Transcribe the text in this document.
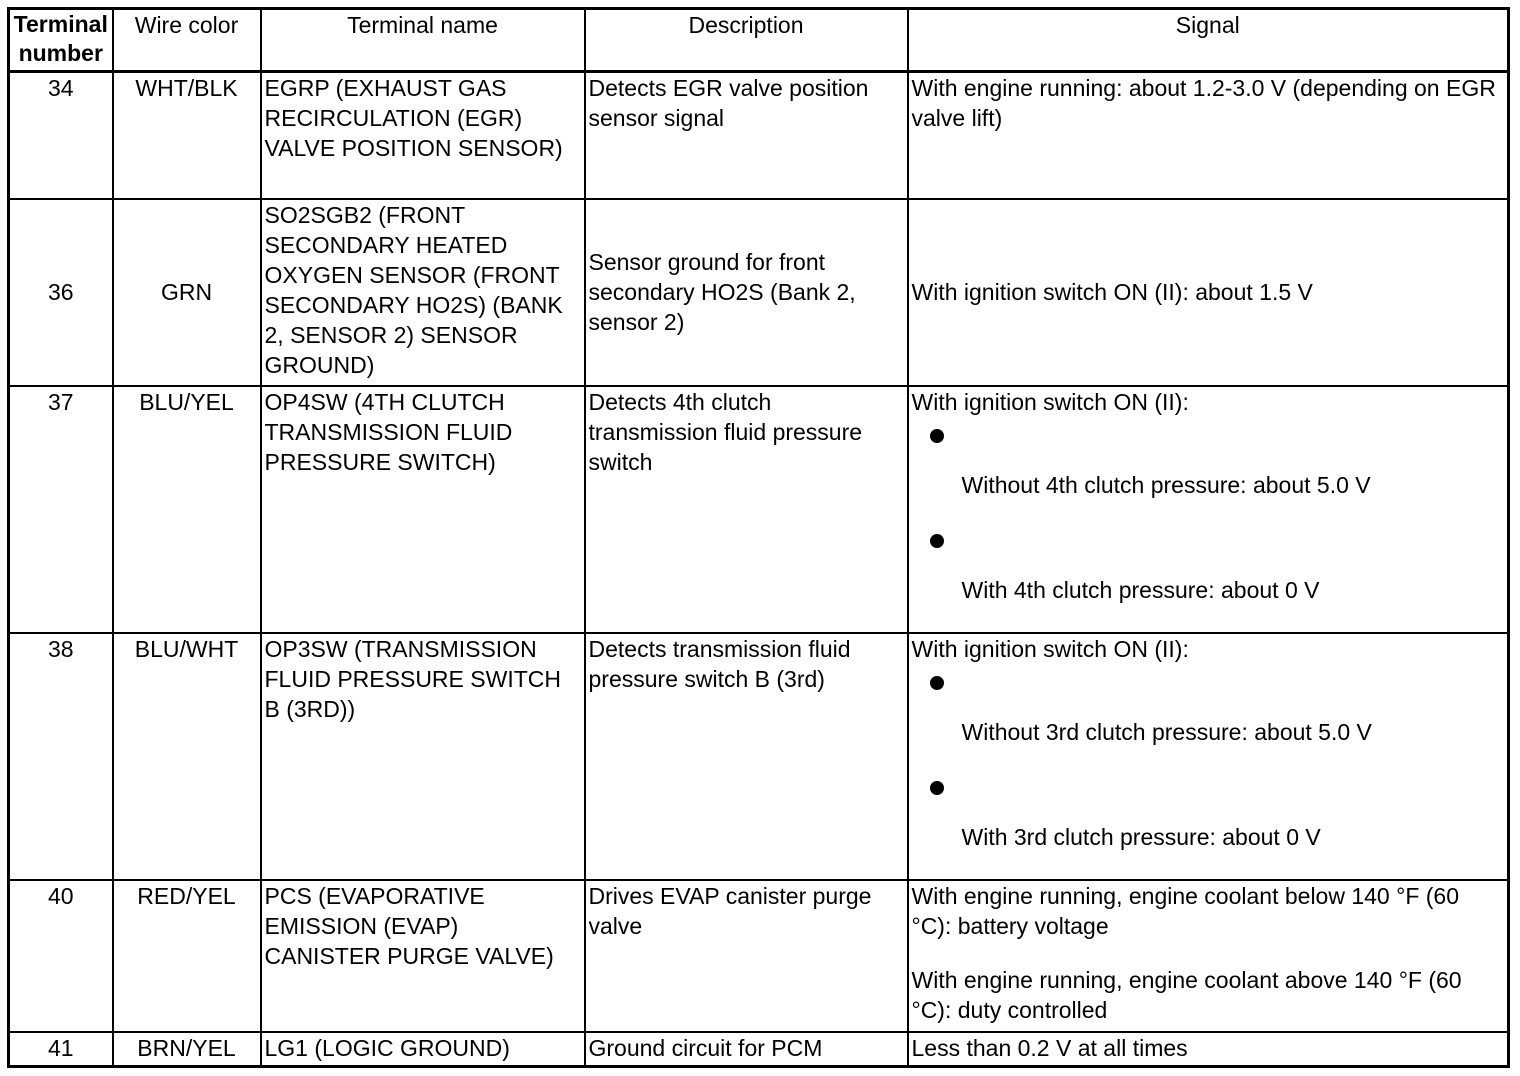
Terminal number	Wire color	Terminal name	Description	Signal
34	WHT/BLK	EGRP (EXHAUST GAS RECIRCULATION (EGR) VALVE POSITION SENSOR)	Detects EGR valve position sensor signal	With engine running: about 1.2-3.0 V (depending on EGR valve lift)
36	GRN	SO2SGB2 (FRONT SECONDARY HEATED OXYGEN SENSOR (FRONT SECONDARY HO2S) (BANK 2, SENSOR 2) SENSOR GROUND)	Sensor ground for front secondary HO2S (Bank 2, sensor 2)	With ignition switch ON (II): about 1.5 V
37	BLU/YEL	OP4SW (4TH CLUTCH TRANSMISSION FLUID PRESSURE SWITCH)	Detects 4th clutch transmission fluid pressure switch	With ignition switch ON (II):
Without 4th clutch pressure: about 5.0 V
With 4th clutch pressure: about 0 V

38	BLU/WHT	OP3SW (TRANSMISSION FLUID PRESSURE SWITCH B (3RD))	Detects transmission fluid pressure switch B (3rd)	With ignition switch ON (II):
Without 3rd clutch pressure: about 5.0 V
With 3rd clutch pressure: about 0 V

40	RED/YEL	PCS (EVAPORATIVE EMISSION (EVAP) CANISTER PURGE VALVE)	Drives EVAP canister purge valve	With engine running, engine coolant below 140 °F (60 °C): battery voltage
With engine running, engine coolant above 140 °F (60 °C): duty controlled

41	BRN/YEL	LG1 (LOGIC GROUND)	Ground circuit for PCM	Less than 0.2 V at all times
